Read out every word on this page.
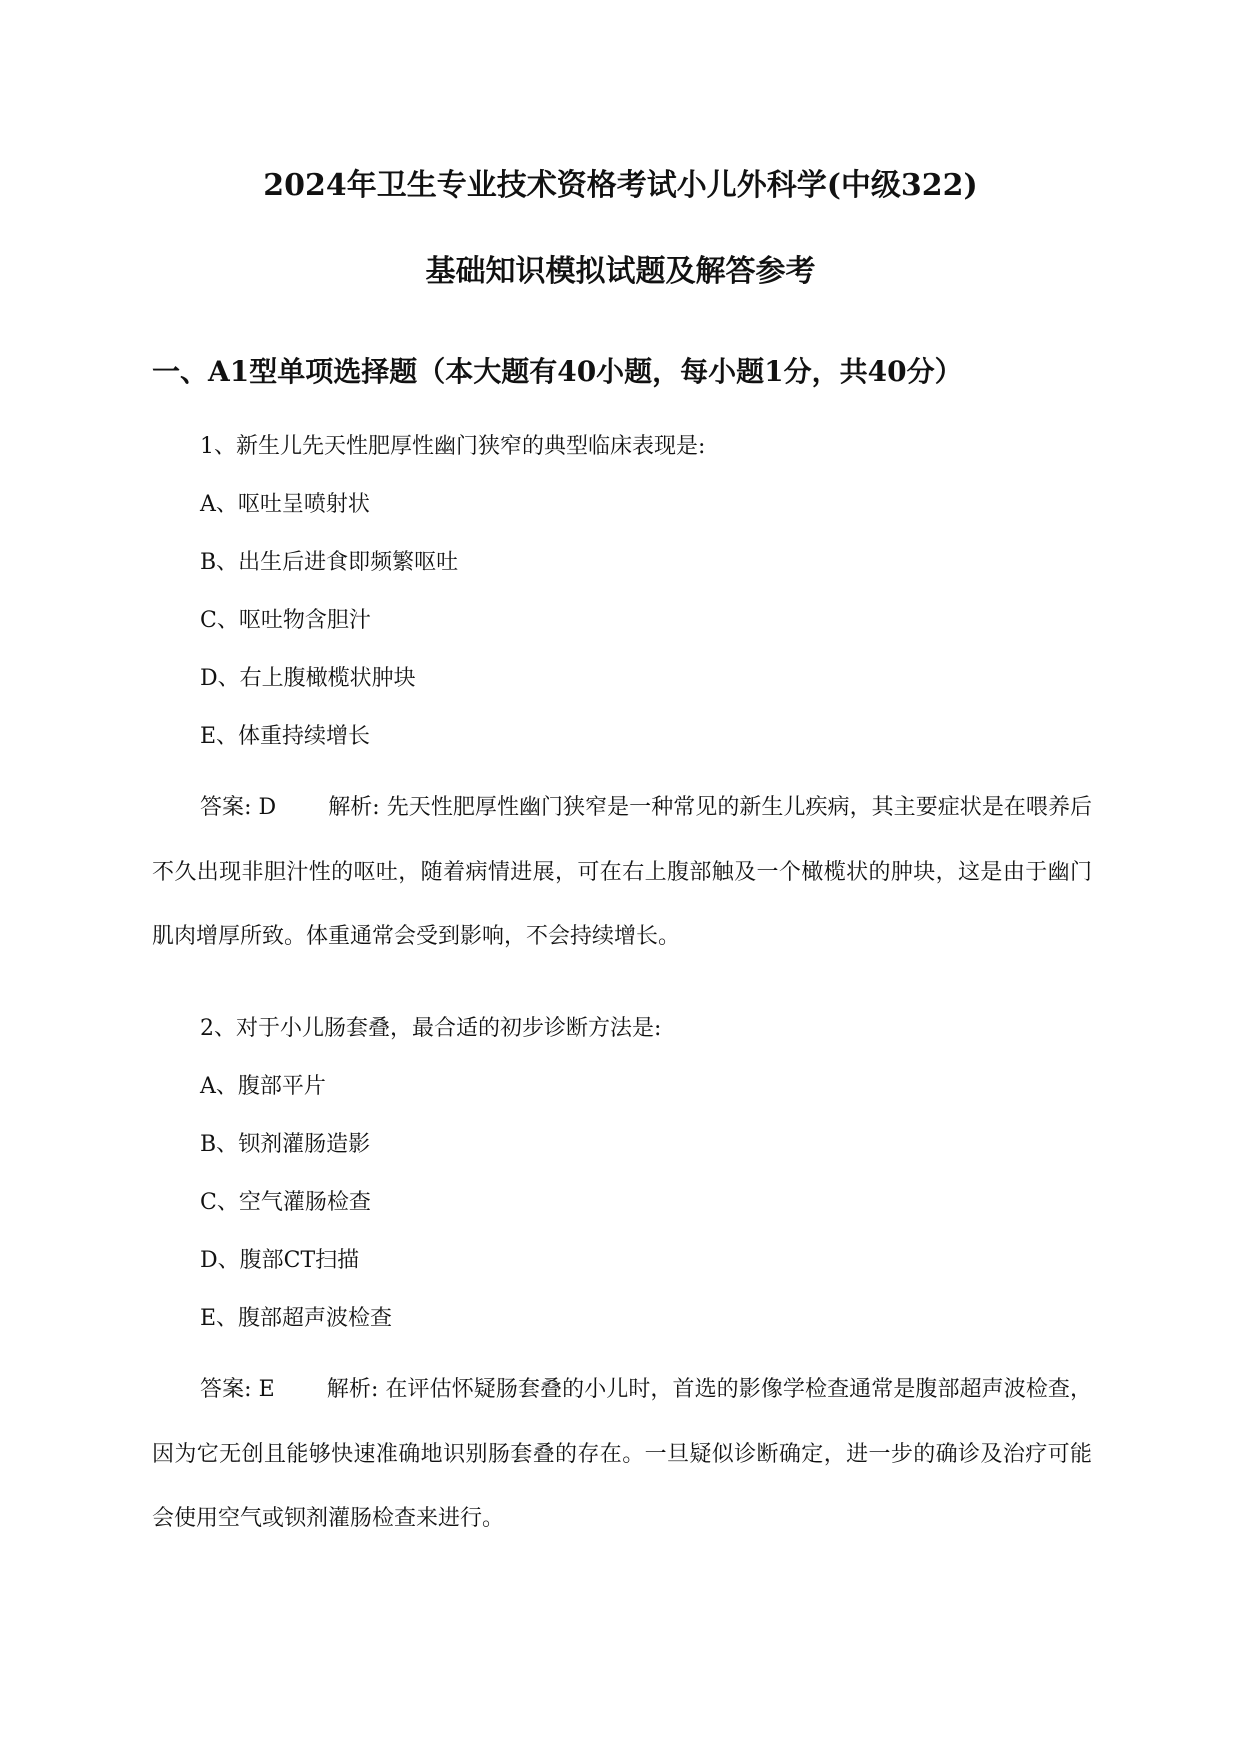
2024年卫生专业技术资格考试小儿外科学(中级322)
基础知识模拟试题及解答参考
一、A1型单项选择题（本大题有40小题，每小题1分，共40分）
1、新生儿先天性肥厚性幽门狭窄的典型临床表现是:
A、呕吐呈喷射状
B、出生后进食即频繁呕吐
C、呕吐物含胆汁
D、右上腹橄榄状肿块
E、体重持续增长
答案: D 解析: 先天性肥厚性幽门狭窄是一种常见的新生儿疾病，其主要症状是在喂养后不久出现非胆汁性的呕吐，随着病情进展，可在右上腹部触及一个橄榄状的肿块，这是由于幽门肌肉增厚所致。体重通常会受到影响，不会持续增长。
2、对于小儿肠套叠，最合适的初步诊断方法是:
A、腹部平片
B、钡剂灌肠造影
C、空气灌肠检查
D、腹部CT扫描
E、腹部超声波检查
答案: E 解析: 在评估怀疑肠套叠的小儿时，首选的影像学检查通常是腹部超声波检查，因为它无创且能够快速准确地识别肠套叠的存在。一旦疑似诊断确定，进一步的确诊及治疗可能会使用空气或钡剂灌肠检查来进行。
